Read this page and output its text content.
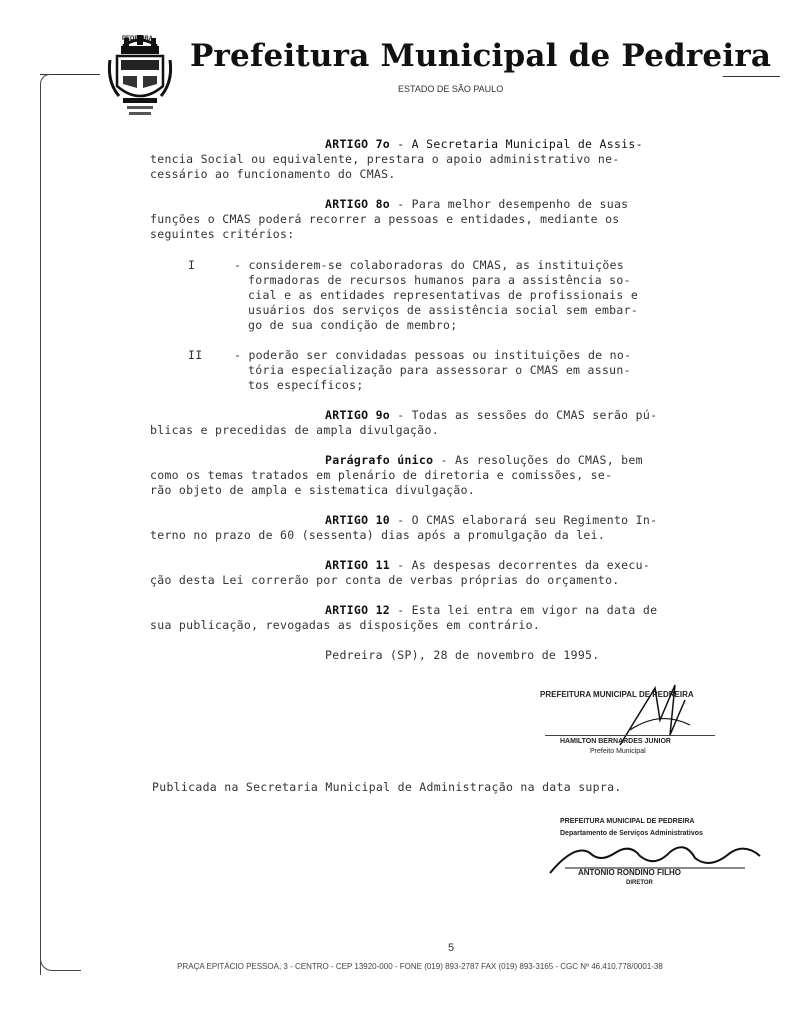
PEDREIRA Prefeitura Municipal de Pedreira
ESTADO DE SÃO PAULO
ARTIGO 7o - A Secretaria Municipal de Assis-
tencia Social ou equivalente, prestara o apoio administrativo ne-
cessário ao funcionamento do CMAS.
ARTIGO 8o - Para melhor desempenho de suas
funções o CMAS poderá recorrer a pessoas e entidades, mediante os
seguintes critérios:
I	- considerem-se colaboradoras do CMAS, as instituições
formadoras de recursos humanos para a assistência so-
cial e as entidades representativas de profissionais e
usuários dos serviços de assistência social sem embar-
go de sua condição de membro;
II	- poderão ser convidadas pessoas ou instituições de no-
tória especialização para assessorar o CMAS em assun-
tos específicos;
ARTIGO 9o - Todas as sessões do CMAS serão pú-
blicas e precedidas de ampla divulgação.
Parágrafo único - As resoluções do CMAS, bem
como os temas tratados em plenário de diretoria e comissões, se-
rão objeto de ampla e sistematica divulgação.
ARTIGO 10 - O CMAS elaborará seu Regimento In-
terno no prazo de 60 (sessenta) dias após a promulgação da lei.
ARTIGO 11 - As despesas decorrentes da execu-
ção desta Lei correrão por conta de verbas próprias do orçamento.
ARTIGO 12 - Esta lei entra em vigor na data de
sua publicação, revogadas as disposições em contrário.
Pedreira (SP), 28 de novembro de 1995.
PREFEITURA MUNICIPAL DE PEDREIRA
HAMILTON BERNARDES JUNIOR
Prefeito Municipal
Publicada na Secretaria Municipal de Administração na data supra.
PREFEITURA MUNICIPAL DE PEDREIRA
Departamento de Serviços Administrativos
ANTONIO RONDINO FILHO
DIRETOR
5
PRAÇA EPITÁCIO PESSOA, 3 - CENTRO - CEP 13920-000 - FONE (019) 893-2787 FAX (019) 893-3165 - CGC Nº 46.410.778/0001-38
